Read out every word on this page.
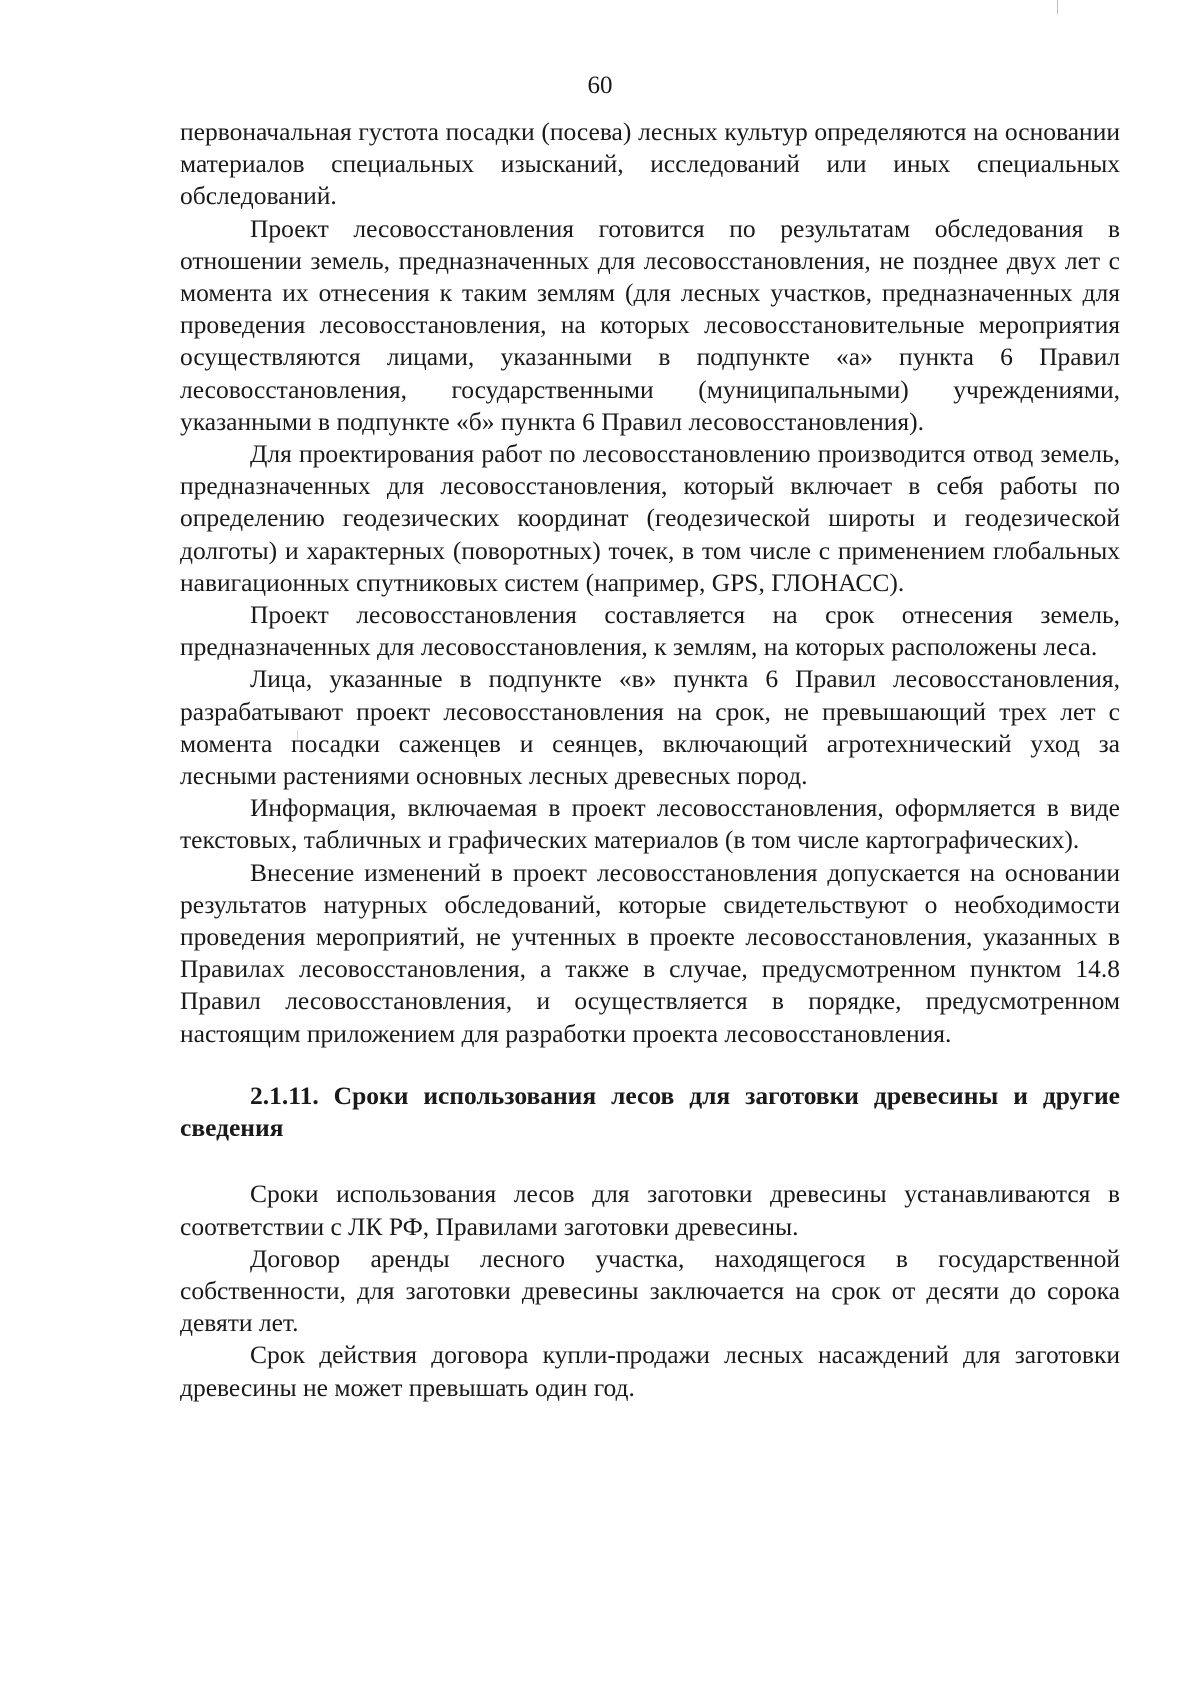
60

первоначальная густота посадки (посева) лесных культур определяются на основании материалов специальных изысканий, исследований или иных специальных обследований.

Проект лесовосстановления готовится по результатам обследования в отношении земель, предназначенных для лесовосстановления, не позднее двух лет с момента их отнесения к таким землям (для лесных участков, предназначенных для проведения лесовосстановления, на которых лесовосстановительные мероприятия осуществляются лицами, указанными в подпункте «а» пункта 6 Правил лесовосстановления, государственными (муниципальными) учреждениями, указанными в подпункте «б» пункта 6 Правил лесовосстановления).

Для проектирования работ по лесовосстановлению производится отвод земель, предназначенных для лесовосстановления, который включает в себя работы по определению геодезических координат (геодезической широты и геодезической долготы) и характерных (поворотных) точек, в том числе с применением глобальных навигационных спутниковых систем (например, GPS, ГЛОНАСС).

Проект лесовосстановления составляется на срок отнесения земель, предназначенных для лесовосстановления, к землям, на которых расположены леса.

Лица, указанные в подпункте «в» пункта 6 Правил лесовосстановления, разрабатывают проект лесовосстановления на срок, не превышающий трех лет с момента посадки саженцев и сеянцев, включающий агротехнический уход за лесными растениями основных лесных древесных пород.

Информация, включаемая в проект лесовосстановления, оформляется в виде текстовых, табличных и графических материалов (в том числе картографических).

Внесение изменений в проект лесовосстановления допускается на основании результатов натурных обследований, которые свидетельствуют о необходимости проведения мероприятий, не учтенных в проекте лесовосстановления, указанных в Правилах лесовосстановления, а также в случае, предусмотренном пунктом 14.8 Правил лесовосстановления, и осуществляется в порядке, предусмотренном настоящим приложением для разработки проекта лесовосстановления.

2.1.11. Сроки использования лесов для заготовки древесины и другие сведения

Сроки использования лесов для заготовки древесины устанавливаются в соответствии с ЛК РФ, Правилами заготовки древесины.

Договор аренды лесного участка, находящегося в государственной собственности, для заготовки древесины заключается на срок от десяти до сорока девяти лет.

Срок действия договора купли-продажи лесных насаждений для заготовки древесины не может превышать один год.
